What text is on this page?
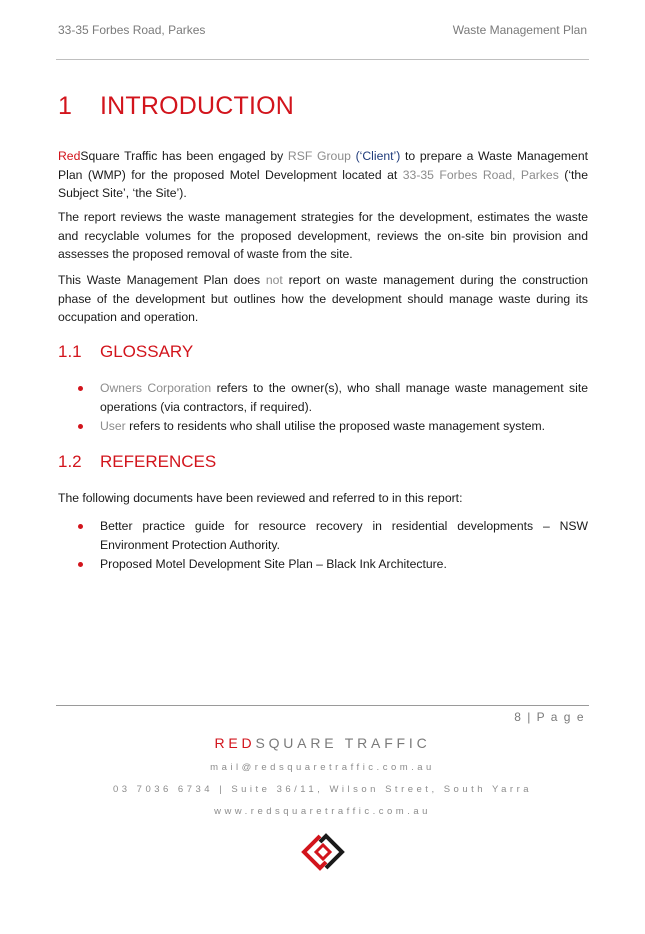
33-35 Forbes Road, Parkes	Waste Management Plan
1 INTRODUCTION
RedSquare Traffic has been engaged by RSF Group (‘Client’) to prepare a Waste Management Plan (WMP) for the proposed Motel Development located at 33-35 Forbes Road, Parkes (‘the Subject Site’, ‘the Site’).
The report reviews the waste management strategies for the development, estimates the waste and recyclable volumes for the proposed development, reviews the on-site bin provision and assesses the proposed removal of waste from the site.
This Waste Management Plan does not report on waste management during the construction phase of the development but outlines how the development should manage waste during its occupation and operation.
1.1 GLOSSARY
Owners Corporation refers to the owner(s), who shall manage waste management site operations (via contractors, if required).
User refers to residents who shall utilise the proposed waste management system.
1.2 REFERENCES
The following documents have been reviewed and referred to in this report:
Better practice guide for resource recovery in residential developments – NSW Environment Protection Authority.
Proposed Motel Development Site Plan – Black Ink Architecture.
8 | P a g e
REDSQUARE TRAFFIC
mail@redsquaretraffic.com.au
03 7036 6734 | Suite 36/11, Wilson Street, South Yarra
www.redsquaretraffic.com.au
